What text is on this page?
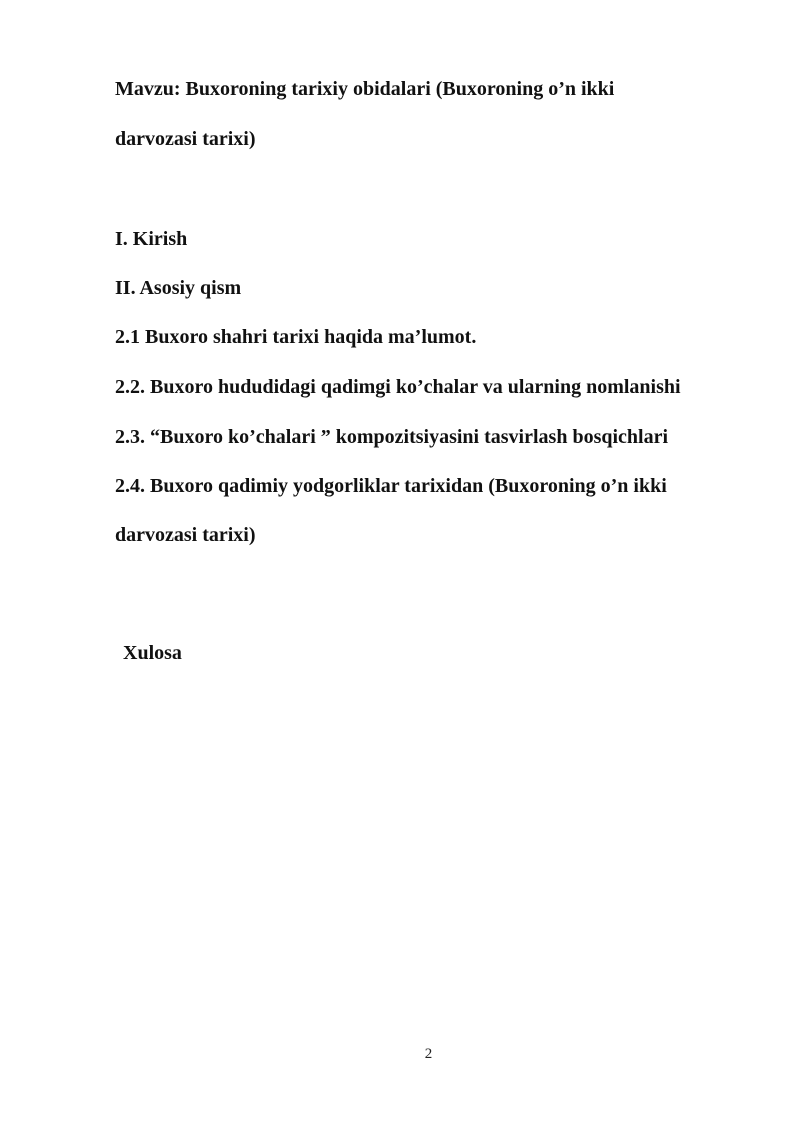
Mavzu: Buxoroning tarixiy obidalari (Buxoroning o’n ikki
darvozasi tarixi)
I. Kirish
II. Asosiy qism
2.1 Buxoro shahri tarixi haqida ma’lumot.
2.2. Buxoro hududidagi qadimgi ko’chalar va ularning nomlanishi
2.3. “Buxoro ko’chalari ” kompozitsiyasini tasvirlash bosqichlari
2.4. Buxoro qadimiy yodgorliklar tarixidan (Buxoroning o’n ikki
darvozasi tarixi)
Xulosa
2
